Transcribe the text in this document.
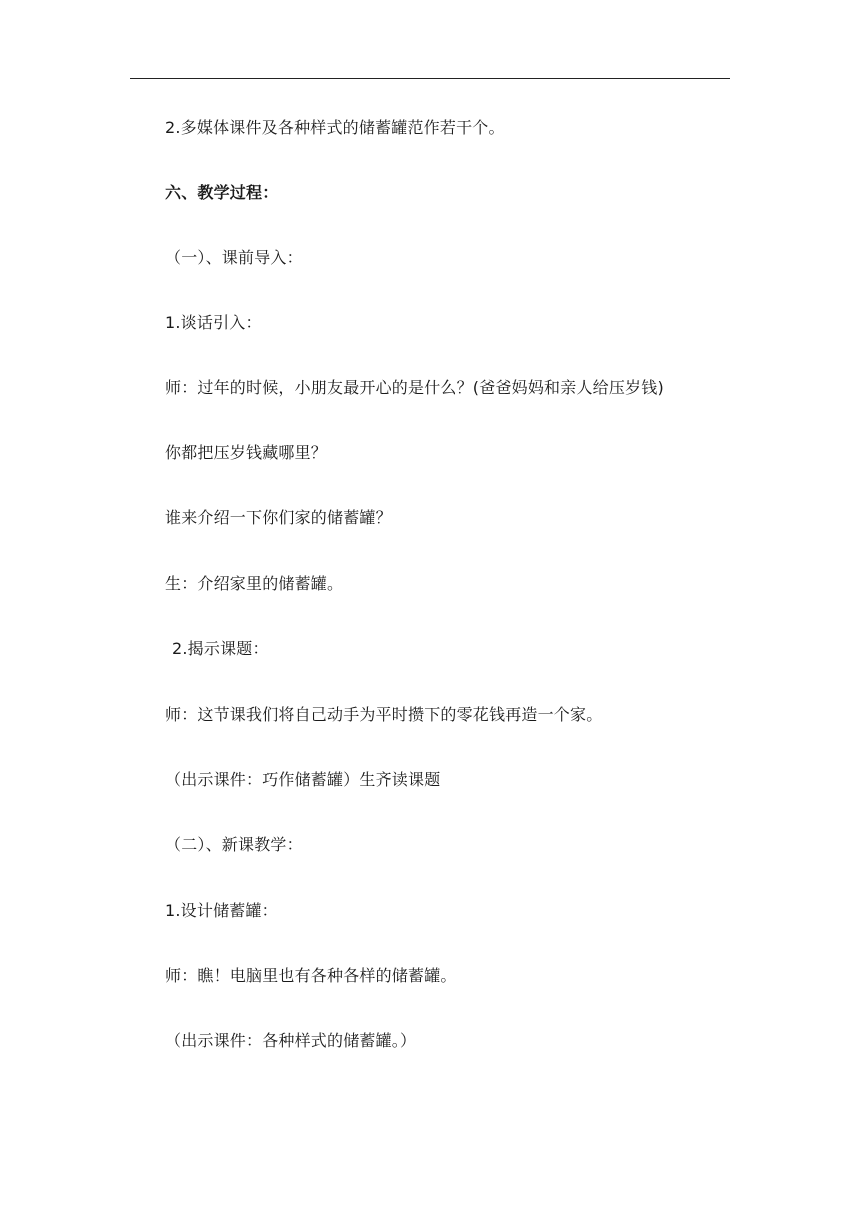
2.多媒体课件及各种样式的储蓄罐范作若干个。
六、教学过程：
（一）、课前导入：
1.谈话引入：
师：过年的时候，小朋友最开心的是什么？(爸爸妈妈和亲人给压岁钱)
你都把压岁钱藏哪里？
谁来介绍一下你们家的储蓄罐？
生：介绍家里的储蓄罐。
2.揭示课题：
师：这节课我们将自己动手为平时攒下的零花钱再造一个家。
（出示课件：巧作储蓄罐）生齐读课题
（二）、新课教学：
1.设计储蓄罐：
师：瞧！电脑里也有各种各样的储蓄罐。
（出示课件：各种样式的储蓄罐。）
